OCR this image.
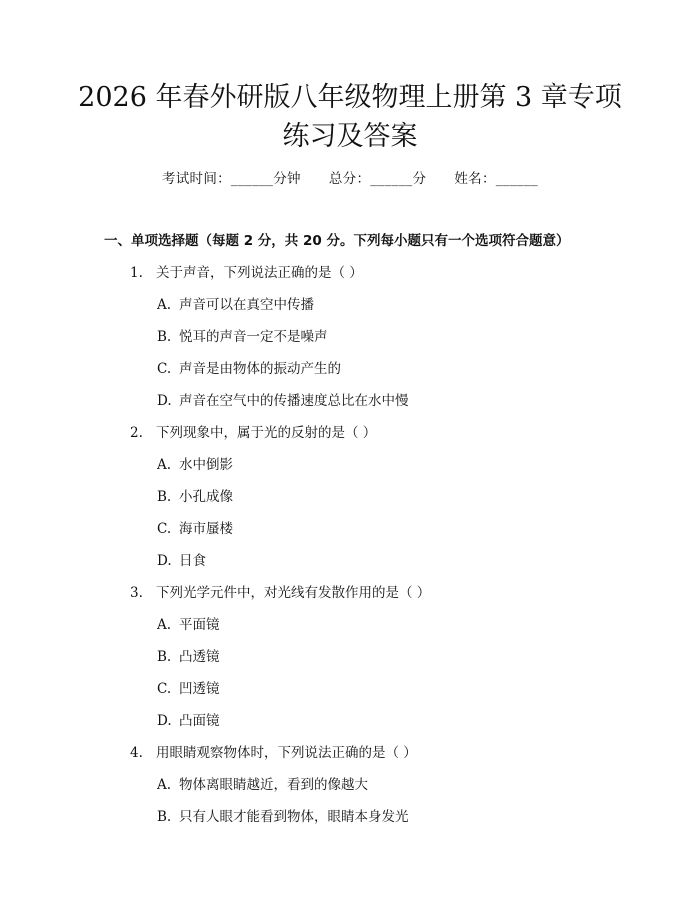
2026 年春外研版八年级物理上册第 3 章专项
练习及答案
考试时间：______分钟 总分：______分 姓名：______
一、单项选择题（每题 2 分，共 20 分。下列每小题只有一个选项符合题意）
1. 关于声音，下列说法正确的是（ ）
A. 声音可以在真空中传播
B. 悦耳的声音一定不是噪声
C. 声音是由物体的振动产生的
D. 声音在空气中的传播速度总比在水中慢
2. 下列现象中，属于光的反射的是（ ）
A. 水中倒影
B. 小孔成像
C. 海市蜃楼
D. 日食
3. 下列光学元件中，对光线有发散作用的是（ ）
A. 平面镜
B. 凸透镜
C. 凹透镜
D. 凸面镜
4. 用眼睛观察物体时，下列说法正确的是（ ）
A. 物体离眼睛越近，看到的像越大
B. 只有人眼才能看到物体，眼睛本身发光
